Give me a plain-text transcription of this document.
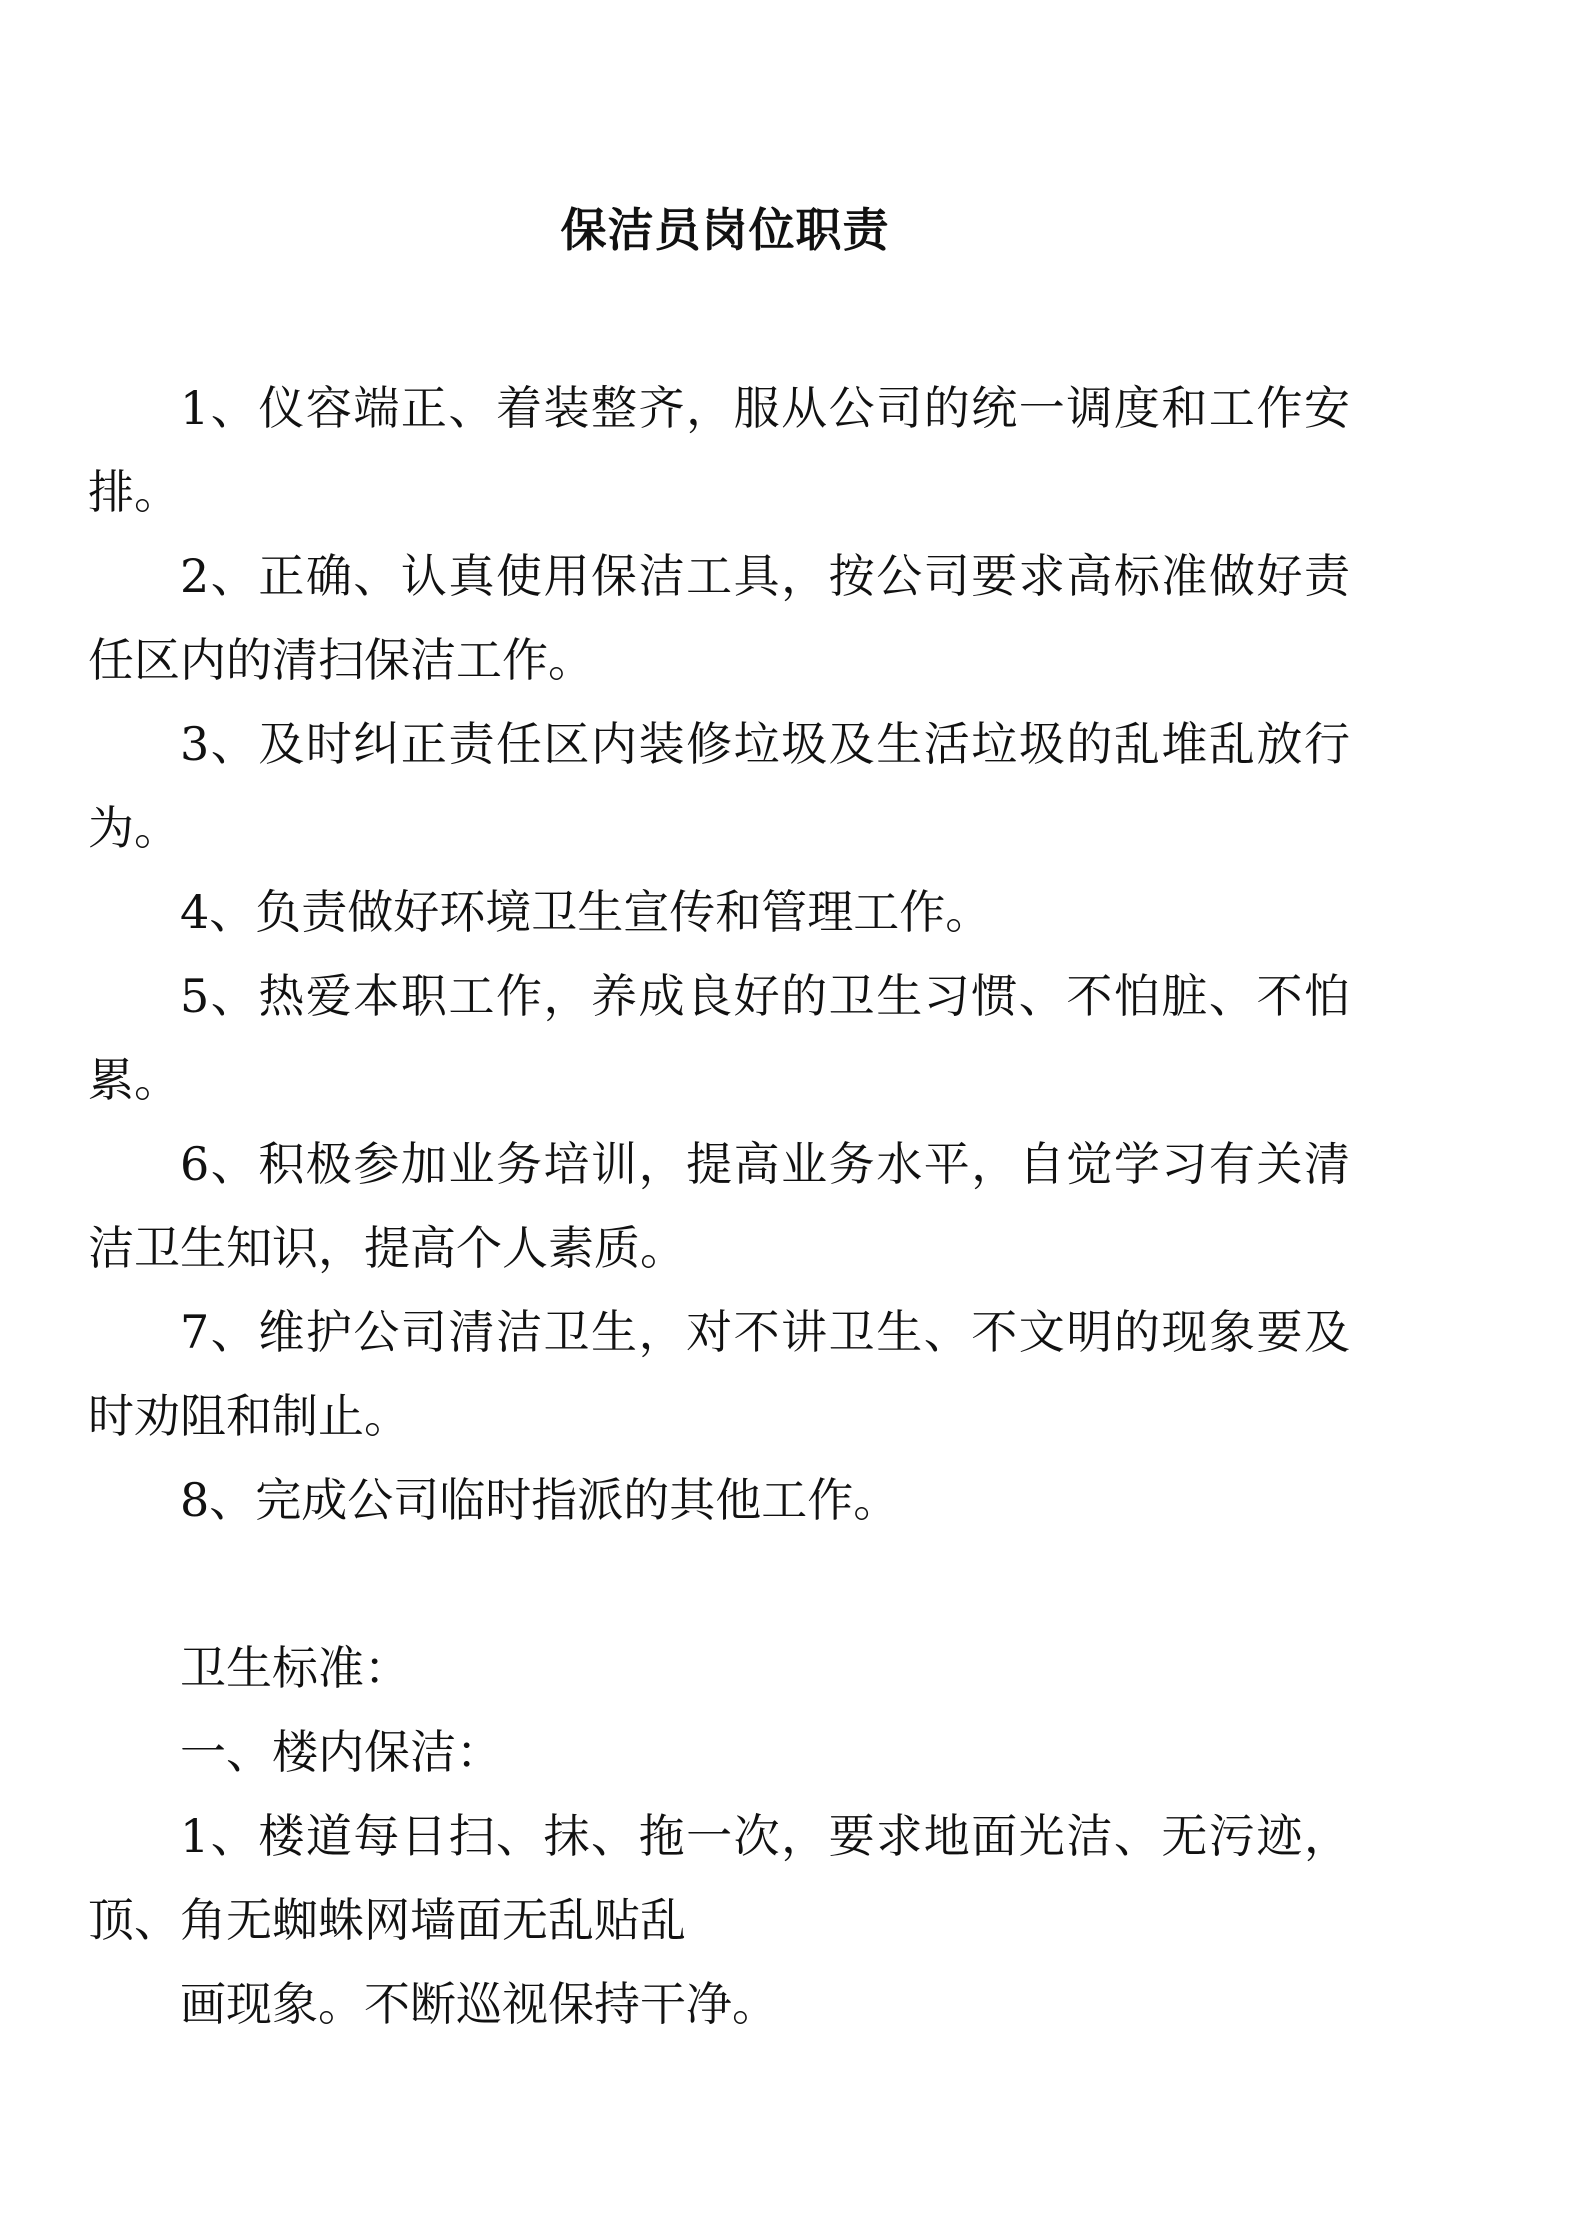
保洁员岗位职责

1、仪容端正、着装整齐，服从公司的统一调度和工作安排。

2、正确、认真使用保洁工具，按公司要求高标准做好责任区内的清扫保洁工作。

3、及时纠正责任区内装修垃圾及生活垃圾的乱堆乱放行为。

4、负责做好环境卫生宣传和管理工作。

5、热爱本职工作，养成良好的卫生习惯、不怕脏、不怕累。

6、积极参加业务培训，提高业务水平，自觉学习有关清洁卫生知识，提高个人素质。

7、维护公司清洁卫生，对不讲卫生、不文明的现象要及时劝阻和制止。

8、完成公司临时指派的其他工作。

卫生标准：

一、楼内保洁：

1、楼道每日扫、抹、拖一次，要求地面光洁、无污迹，顶、角无蜘蛛网墙面无乱贴乱

画现象。不断巡视保持干净。
